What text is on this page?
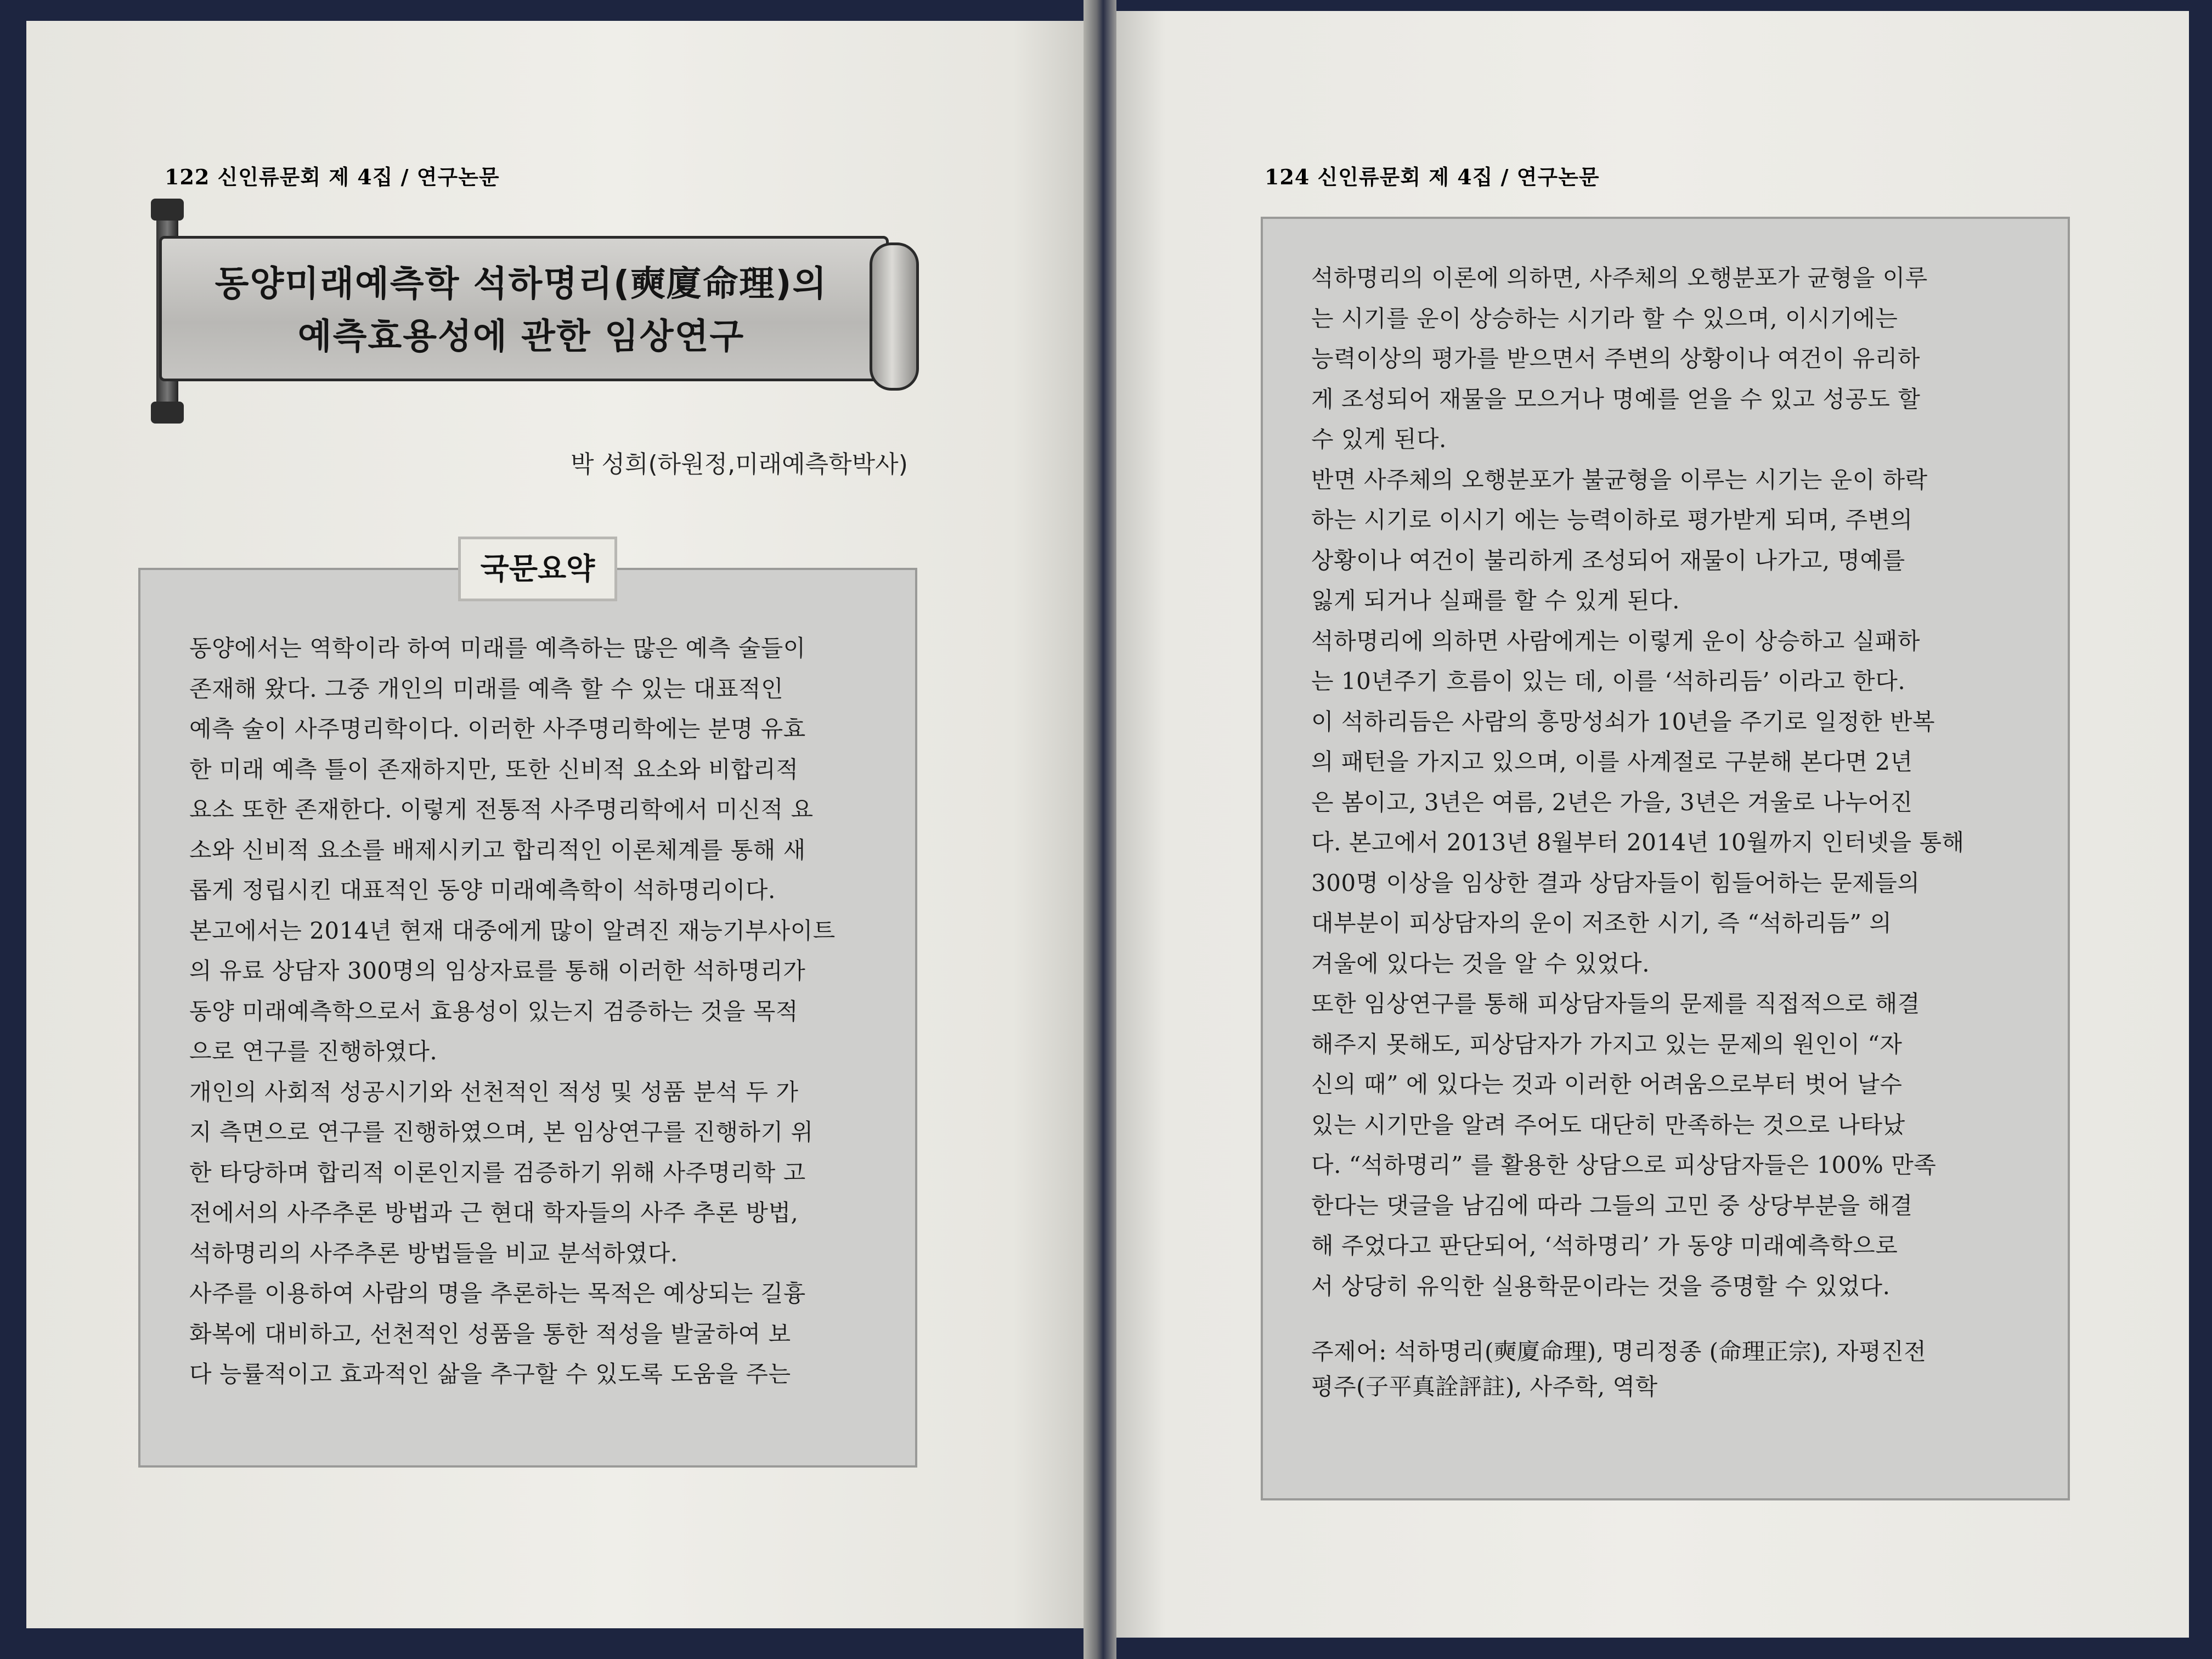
122 신인류문회 제 4집 / 연구논문
동양미래예측학 석하명리(奭廈命理)의
예측효용성에 관한 임상연구
박 성희(하원정,미래예측학박사)
국문요약

동양에서는 역학이라 하여 미래를 예측하는 많은 예측 술들이

존재해 왔다. 그중 개인의 미래를 예측 할 수 있는 대표적인

예측 술이 사주명리학이다. 이러한 사주명리학에는 분명 유효

한 미래 예측 틀이 존재하지만, 또한 신비적 요소와 비합리적

요소 또한 존재한다. 이렇게 전통적 사주명리학에서 미신적 요

소와 신비적 요소를 배제시키고 합리적인 이론체계를 통해 새

롭게 정립시킨 대표적인 동양 미래예측학이 석하명리이다.

본고에서는 2014년 현재 대중에게 많이 알려진 재능기부사이트

의 유료 상담자 300명의 임상자료를 통해 이러한 석하명리가

동양 미래예측학으로서 효용성이 있는지 검증하는 것을 목적

으로 연구를 진행하였다.

개인의 사회적 성공시기와 선천적인 적성 및 성품 분석 두 가

지 측면으로 연구를 진행하였으며, 본 임상연구를 진행하기 위

한 타당하며 합리적 이론인지를 검증하기 위해 사주명리학 고

전에서의 사주추론 방법과 근 현대 학자들의 사주 추론 방법,

석하명리의 사주추론 방법들을 비교 분석하였다.

사주를 이용하여 사람의 명을 추론하는 목적은 예상되는 길흉

화복에 대비하고, 선천적인 성품을 통한 적성을 발굴하여 보

다 능률적이고 효과적인 삶을 추구할 수 있도록 도움을 주는

124 신인류문회 제 4집 / 연구논문

석하명리의 이론에 의하면, 사주체의 오행분포가 균형을 이루

는 시기를 운이 상승하는 시기라 할 수 있으며, 이시기에는

능력이상의 평가를 받으면서 주변의 상황이나 여건이 유리하

게 조성되어 재물을 모으거나 명예를 얻을 수 있고 성공도 할

수 있게 된다.

반면 사주체의 오행분포가 불균형을 이루는 시기는 운이 하락

하는 시기로 이시기 에는 능력이하로 평가받게 되며, 주변의

상황이나 여건이 불리하게 조성되어 재물이 나가고, 명예를

잃게 되거나 실패를 할 수 있게 된다.

석하명리에 의하면 사람에게는 이렇게 운이 상승하고 실패하

는 10년주기 흐름이 있는 데, 이를 ‘석하리듬’ 이라고 한다.

이 석하리듬은 사람의 흥망성쇠가 10년을 주기로 일정한 반복

의 패턴을 가지고 있으며, 이를 사계절로 구분해 본다면 2년

은 봄이고, 3년은 여름, 2년은 가을, 3년은 겨울로 나누어진

다. 본고에서 2013년 8월부터 2014년 10월까지 인터넷을 통해

300명 이상을 임상한 결과 상담자들이 힘들어하는 문제들의

대부분이 피상담자의 운이 저조한 시기, 즉 “석하리듬” 의

겨울에 있다는 것을 알 수 있었다.

또한 임상연구를 통해 피상담자들의 문제를 직접적으로 해결

해주지 못해도, 피상담자가 가지고 있는 문제의 원인이 “자

신의 때” 에 있다는 것과 이러한 어려움으로부터 벗어 날수

있는 시기만을 알려 주어도 대단히 만족하는 것으로 나타났

다. “석하명리” 를 활용한 상담으로 피상담자들은 100% 만족

한다는 댓글을 남김에 따라 그들의 고민 중 상당부분을 해결

해 주었다고 판단되어, ‘석하명리’ 가 동양 미래예측학으로

서 상당히 유익한 실용학문이라는 것을 증명할 수 있었다.

주제어: 석하명리(奭廈命理), 명리정종 (命理正宗), 자평진전

평주(子平真詮評註), 사주학, 역학
